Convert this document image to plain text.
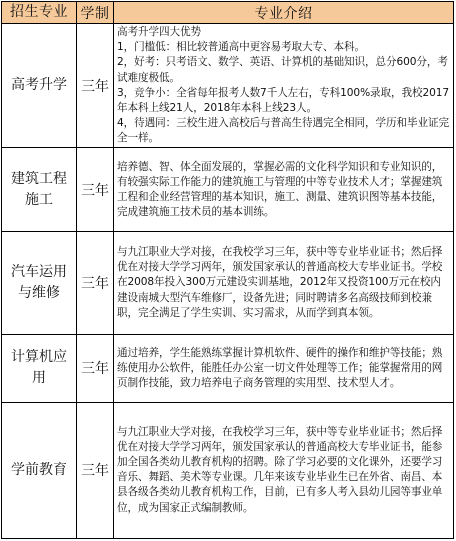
招生专业	学制	专业介绍
高考升学	三年	高考升学四大优势
1，门槛低：相比较普通高中更容易考取大专、本科。
2，好考：只考语文、数学、英语、计算机的基础知识，总分600分，考试难度极低。
3，竞争小：全省每年报考人数7千人左右，专科100%录取，我校2017年本科上线21人，2018年本科上线23人。
4，待遇同：三校生进入高校后与普高生待遇完全相同，学历和毕业证完全一样。

建筑工程施工	三年	培养德、智、体全面发展的，掌握必需的文化科学知识和专业知识的，有较强实际工作能力的建筑施工与管理的中等专业技术人才；掌握建筑工程和企业经营管理的基本知识，施工、测量、建筑识图等基本技能，完成建筑施工技术员的基本训练。
汽车运用与维修	三年	与九江职业大学对接，在我校学习三年，获中等专业毕业证书；然后择优在对接大学学习两年，颁发国家承认的普通高校大专毕业证书。学校在2008年投入300万元建设实训基地，2012年又投资100万元在校内建设南城大型汽车维修厂，设备先进；同时聘请多名高级技师到校兼职，完全满足了学生实训、实习需求，从而学到真本领。
计算机应用	三年	通过培养，学生能熟练掌握计算机软件、硬件的操作和维护等技能；熟练使用办公软件，能胜任办公室一切文件处理等工作；能掌握常用的网页制作技能，致力培养电子商务管理的实用型、技术型人才。
学前教育	三年	与九江职业大学对接，在我校学习三年，获中等专业毕业证书；然后择优在对接大学学习两年，颁发国家承认的普通高校大专毕业证书，能参加全国各类幼儿教育机构的招聘。除了学习必要的文化课外，还要学习音乐、舞蹈、美术等专业课。几年来该专业毕业生已在外省、南昌、本县各级各类幼儿教育机构工作，目前，已有多人考入县幼儿园等事业单位，成为国家正式编制教师。
